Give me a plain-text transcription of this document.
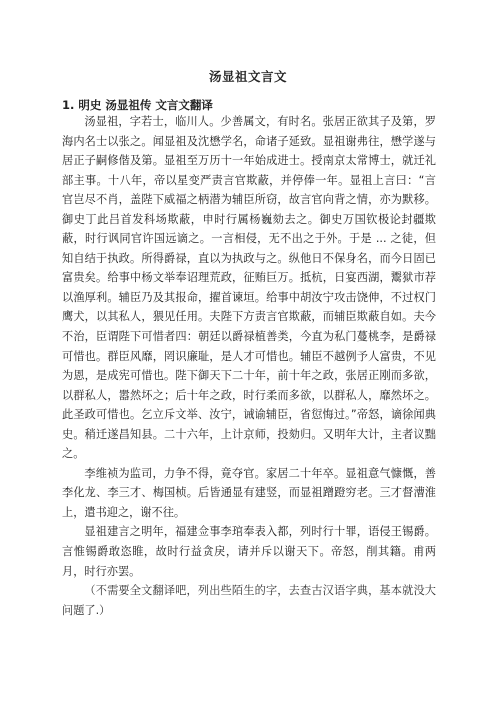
汤显祖文言文
1. 明史 汤显祖传 文言文翻译

汤显祖，字若士，临川人。少善属文，有时名。张居正欲其子及第，罗海内名士以张之。闻显祖及沈懋学名，命诸子延致。显祖谢弗往，懋学遂与居正子嗣修偕及第。显祖至万历十一年始成进士。授南京太常博士，就迁礼部主事。十八年，帝以星变严责言官欺蔽，并停俸一年。显祖上言曰：“言官岂尽不肖，盖陛下威福之柄潜为辅臣所窃，故言官向背之情，亦为默移。御史丁此吕首发科场欺蔽，申时行属杨巍劾去之。御史万国钦极论封疆欺蔽，时行讽同官许国远谪之。一言相侵，无不出之于外。于是 ... 之徒，但知自结于执政。所得爵禄，直以为执政与之。纵他日不保身名，而今日固已富贵矣。给事中杨文举奉诏理荒政，征贿巨万。抵杭，日宴西湖，鬻狱市荐以渔厚利。辅臣乃及其报命，擢首谏垣。给事中胡汝宁攻击饶伸，不过权门鹰犬，以其私人，猥见任用。夫陛下方责言官欺蔽，而辅臣欺蔽自如。夫今不治，臣谓陛下可惜者四：朝廷以爵禄植善类，今直为私门蔓桃李，是爵禄可惜也。群臣风靡，罔识廉耻，是人才可惜也。辅臣不越例予人富贵，不见为恩，是成宪可惜也。陛下御天下二十年，前十年之政，张居正刚而多欲，以群私人，嚣然坏之；后十年之政，时行柔而多欲，以群私人，靡然坏之。此圣政可惜也。乞立斥文举、汝宁，诫谕辅臣，省愆悔过。”帝怒，谪徐闻典史。稍迁遂昌知县。二十六年，上计京师，投劾归。又明年大计，主者议黜之。

李维祯为监司，力争不得，竟夺官。家居二十年卒。显祖意气慷慨，善李化龙、李三才、梅国桢。后皆通显有建竖，而显祖蹭蹬穷老。三才督漕淮上，遣书迎之，谢不往。

显祖建言之明年，福建佥事李琯奉表入都，列时行十罪，语侵王锡爵。言惟锡爵敢恣睢，故时行益贪戾，请并斥以谢天下。帝怒，削其籍。甫两月，时行亦罢。

（不需要全文翻译吧，列出些陌生的字，去查古汉语字典，基本就没大问题了.）
